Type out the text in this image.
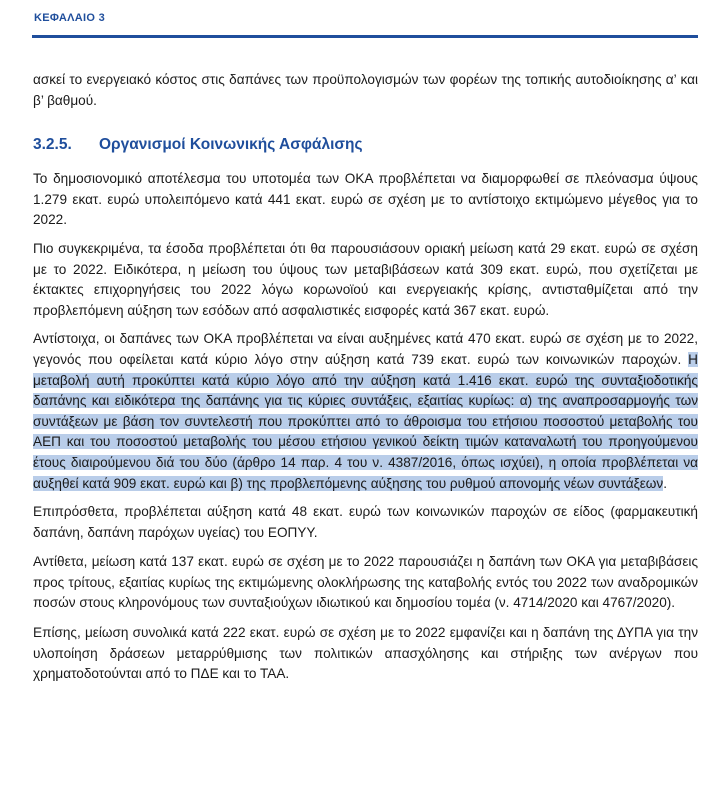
ΚΕΦΑΛΑΙΟ 3

ασκεί το ενεργειακό κόστος στις δαπάνες των προϋπολογισμών των φορέων της τοπικής αυτοδιοίκησης α’ και β’ βαθμού.

3.2.5.	Οργανισμοί Κοινωνικής Ασφάλισης

Το δημοσιονομικό αποτέλεσμα του υποτομέα των ΟΚΑ προβλέπεται να διαμορφωθεί σε πλεόνασμα ύψους 1.279 εκατ. ευρώ υπολειπόμενο κατά 441 εκατ. ευρώ σε σχέση με το αντίστοιχο εκτιμώμενο μέγεθος για το 2022.

Πιο συγκεκριμένα, τα έσοδα προβλέπεται ότι θα παρουσιάσουν οριακή μείωση κατά 29 εκατ. ευρώ σε σχέση με το 2022. Ειδικότερα, η μείωση του ύψους των μεταβιβάσεων κατά 309 εκατ. ευρώ, που σχετίζεται με έκτακτες επιχορηγήσεις του 2022 λόγω κορωνοϊού και ενεργειακής κρίσης, αντισταθμίζεται από την προβλεπόμενη αύξηση των εσόδων από ασφαλιστικές εισφορές κατά 367 εκατ. ευρώ.

Αντίστοιχα, οι δαπάνες των ΟΚΑ προβλέπεται να είναι αυξημένες κατά 470 εκατ. ευρώ σε σχέση με το 2022, γεγονός που οφείλεται κατά κύριο λόγο στην αύξηση κατά 739 εκατ. ευρώ των κοινωνικών παροχών. Η μεταβολή αυτή προκύπτει κατά κύριο λόγο από την αύξηση κατά 1.416 εκατ. ευρώ της συνταξιοδοτικής δαπάνης και ειδικότερα της δαπάνης για τις κύριες συντάξεις, εξαιτίας κυρίως: α) της αναπροσαρμογής των συντάξεων με βάση τον συντελεστή που προκύπτει από το άθροισμα του ετήσιου ποσοστού μεταβολής του ΑΕΠ και του ποσοστού μεταβολής του μέσου ετήσιου γενικού δείκτη τιμών καταναλωτή του προηγούμενου έτους διαιρούμενου διά του δύο (άρθρο 14 παρ. 4 του ν. 4387/2016, όπως ισχύει), η οποία προβλέπεται να αυξηθεί κατά 909 εκατ. ευρώ και β) της προβλεπόμενης αύξησης του ρυθμού απονομής νέων συντάξεων.

Επιπρόσθετα, προβλέπεται αύξηση κατά 48 εκατ. ευρώ των κοινωνικών παροχών σε είδος (φαρμακευτική δαπάνη, δαπάνη παρόχων υγείας) του ΕΟΠΥΥ.

Αντίθετα, μείωση κατά 137 εκατ. ευρώ σε σχέση με το 2022 παρουσιάζει η δαπάνη των ΟΚΑ για μεταβιβάσεις προς τρίτους, εξαιτίας κυρίως της εκτιμώμενης ολοκλήρωσης της καταβολής εντός του 2022 των αναδρομικών ποσών στους κληρονόμους των συνταξιούχων ιδιωτικού και δημοσίου τομέα (ν. 4714/2020 και 4767/2020).

Επίσης, μείωση συνολικά κατά 222 εκατ. ευρώ σε σχέση με το 2022 εμφανίζει και η δαπάνη της ΔΥΠΑ για την υλοποίηση δράσεων μεταρρύθμισης των πολιτικών απασχόλησης και στήριξης των ανέργων που χρηματοδοτούνται από το ΠΔΕ και το ΤΑΑ.
